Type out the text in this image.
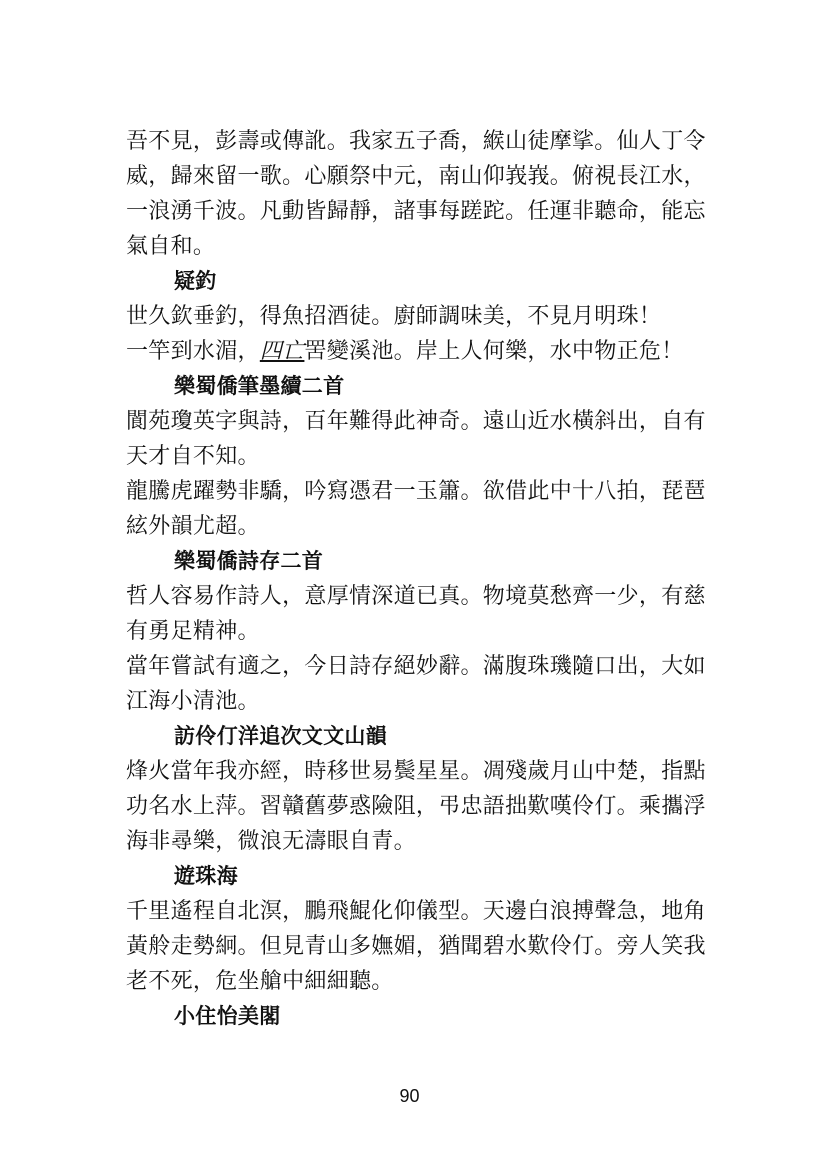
吾不見，彭壽或傳訛。我家五子喬，緱山徒摩挲。仙人丁令
威，歸來留一歌。心願祭中元，南山仰峩峩。俯視長江水，
一浪湧千波。凡動皆歸靜，諸事每蹉跎。任運非聽命，能忘
氣自和。
疑釣
世久欽垂釣，得魚招酒徒。廚師調味美，不見月明珠！
一竿到水湄，四亡罟變溪池。岸上人何樂，水中物正危！
樂蜀僑筆墨續二首
閬苑瓊英字與詩，百年難得此神奇。遠山近水橫斜出，自有
天才自不知。
龍騰虎躍勢非驕，吟寫憑君一玉簫。欲借此中十八拍，琵琶
絃外韻尤超。
樂蜀僑詩存二首
哲人容易作詩人，意厚情深道已真。物境莫愁齊一少，有慈
有勇足精神。
當年嘗試有適之，今日詩存絕妙辭。滿腹珠璣隨口出，大如
江海小清池。
訪伶仃洋追次文文山韻
烽火當年我亦經，時移世易鬓星星。凋殘歲月山中楚，指點
功名水上萍。習贛舊夢惑險阻，弔忠語拙歎嘆伶仃。乘攜浮
海非尋樂，微浪无濤眼自青。
遊珠海
千里遙程自北溟，鵬飛鯤化仰儀型。天邊白浪搏聲急，地角
黃舲走勢絅。但見青山多嫵媚，猶聞碧水歎伶仃。旁人笑我
老不死，危坐艙中細細聽。
小住怡美閣
90
